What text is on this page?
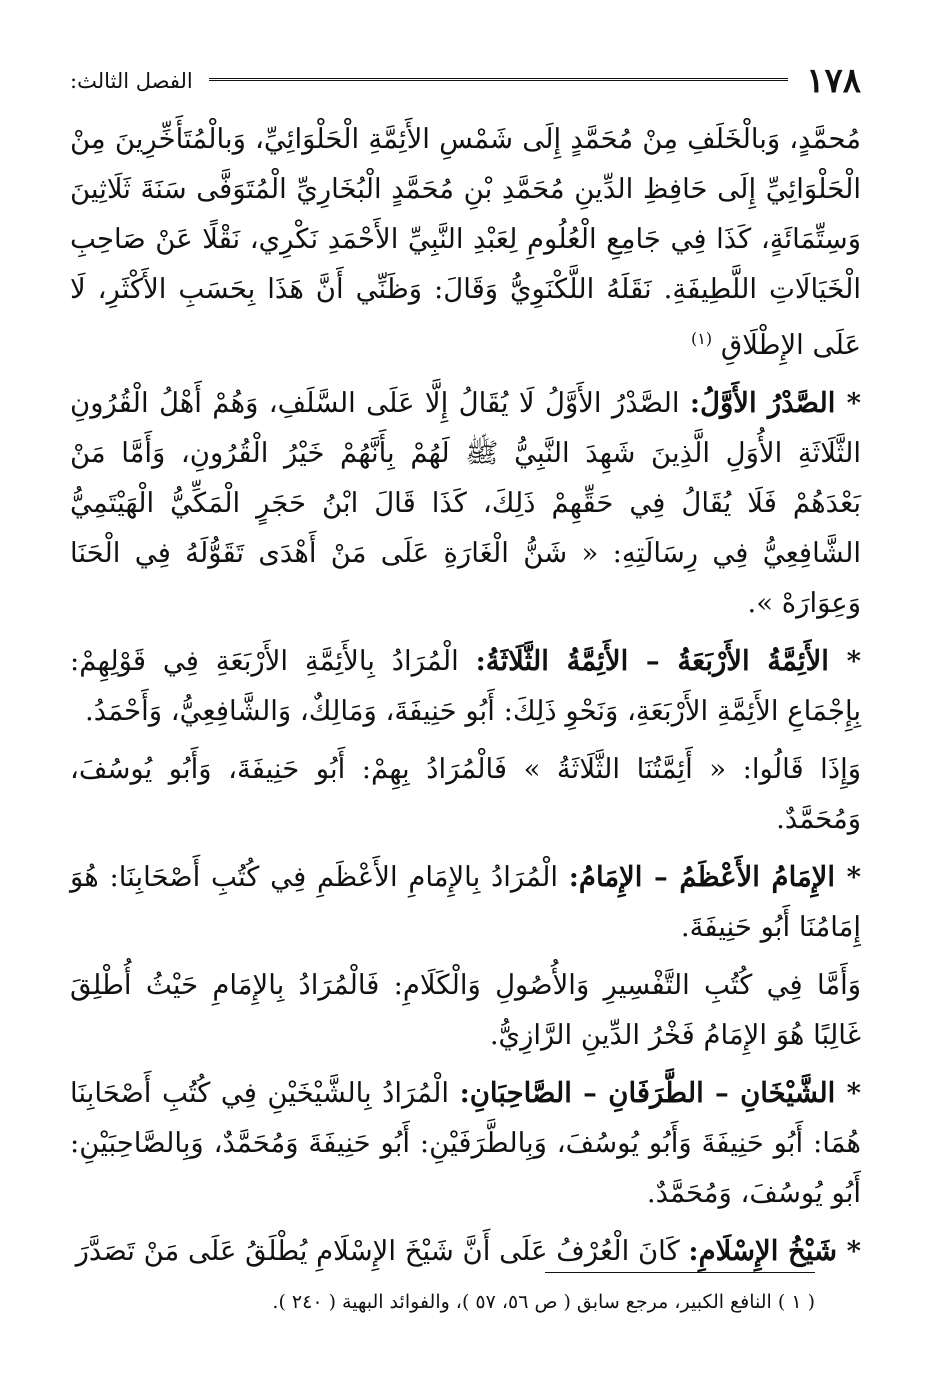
١٧٨
الفصل الثالث:

مُحمَّدٍ، وَبالْخَلَفِ مِنْ مُحَمَّدٍ إِلَى شَمْسِ الأَئِمَّةِ الْحَلْوَائِيِّ، وَبالْمُتَأَخِّرِينَ مِنْ الْحَلْوَائِيِّ إِلَى حَافِظِ الدِّينِ مُحَمَّدِ بْنِ مُحَمَّدٍ الْبُخَارِيِّ الْمُتَوَفَّى سَنَةَ ثَلَاثِينَ وَسِتِّمَائَةٍ، كَذَا فِي جَامِعِ الْعُلُومِ لِعَبْدِ النَّبِيِّ الأَحْمَدِ نَكْرِي، نَقْلًا عَنْ صَاحِبِ الْخَيَالَاتِ اللَّطِيفَةِ. نَقَلَهُ اللَّكْنَوِيُّ وَقَالَ: وَظَنِّي أَنَّ هَذَا بِحَسَبِ الأَكْثَرِ، لَا عَلَى الإِطْلَاقِ $^{(١)}$

* الصَّدْرُ الأَوَّلُ: الصَّدْرُ الأَوَّلُ لَا يُقَالُ إِلَّا عَلَى السَّلَفِ، وَهُمْ أَهْلُ الْقُرُونِ الثَّلَاثَةِ الأُوَلِ الَّذِينَ شَهِدَ النَّبِيُّ ﷺ لَهُمْ بِأَنَّهُمْ خَيْرُ الْقُرُونِ، وَأَمَّا مَنْ بَعْدَهُمْ فَلَا يُقَالُ فِي حَقِّهِمْ ذَلِكَ، كَذَا قَالَ ابْنُ حَجَرٍ الْمَكِّيُّ الْهَيْتَمِيُّ الشَّافِعِيُّ فِي رِسَالَتِهِ: « شَنُّ الْغَارَةِ عَلَى مَنْ أَهْدَى تَقَوُّلَهُ فِي الْحَنَا وَعِوَارَهْ ».

* الأَئِمَّةُ الأَرْبَعَةُ – الأَئِمَّةُ الثَّلَاثَةُ: الْمُرَادُ بِالأَئِمَّةِ الأَرْبَعَةِ فِي قَوْلِهِمْ: بِإِجْمَاعِ الأَئِمَّةِ الأَرْبَعَةِ، وَنَحْوِ ذَلِكَ: أَبُو حَنِيفَةَ، وَمَالِكٌ، وَالشَّافِعِيُّ، وَأَحْمَدُ.

وَإِذَا قَالُوا: « أَئِمَّتُنَا الثَّلَاثَةُ » فَالْمُرَادُ بِهِمْ: أَبُو حَنِيفَةَ، وَأَبُو يُوسُفَ، وَمُحَمَّدٌ.

* الإِمَامُ الأَعْظَمُ – الإِمَامُ: الْمُرَادُ بِالإِمَامِ الأَعْظَمِ فِي كُتُبِ أَصْحَابِنَا: هُوَ إِمَامُنَا أَبُو حَنِيفَةَ.

وَأَمَّا فِي كُتُبِ التَّفْسِيرِ وَالأُصُولِ وَالْكَلَامِ: فَالْمُرَادُ بِالإِمَامِ حَيْثُ أُطْلِقَ غَالِبًا هُوَ الإِمَامُ فَخْرُ الدِّينِ الرَّازِيُّ.

* الشَّيْخَانِ – الطَّرَفَانِ – الصَّاحِبَانِ: الْمُرَادُ بِالشَّيْخَيْنِ فِي كُتُبِ أَصْحَابِنَا هُمَا: أَبُو حَنِيفَةَ وَأَبُو يُوسُفَ، وَبِالطَّرَفَيْنِ: أَبُو حَنِيفَةَ وَمُحَمَّدٌ، وَبِالصَّاحِبَيْنِ: أَبُو يُوسُفَ، وَمُحَمَّدٌ.

* شَيْخُ الإِسْلَامِ: كَانَ الْعُرْفُ عَلَى أَنَّ شَيْخَ الإِسْلَامِ يُطْلَقُ عَلَى مَنْ تَصَدَّرَ

( ١ ) النافع الكبير، مرجع سابق ( ص ٥٦، ٥٧ )، والفوائد البهية ( ٢٤٠ ).
